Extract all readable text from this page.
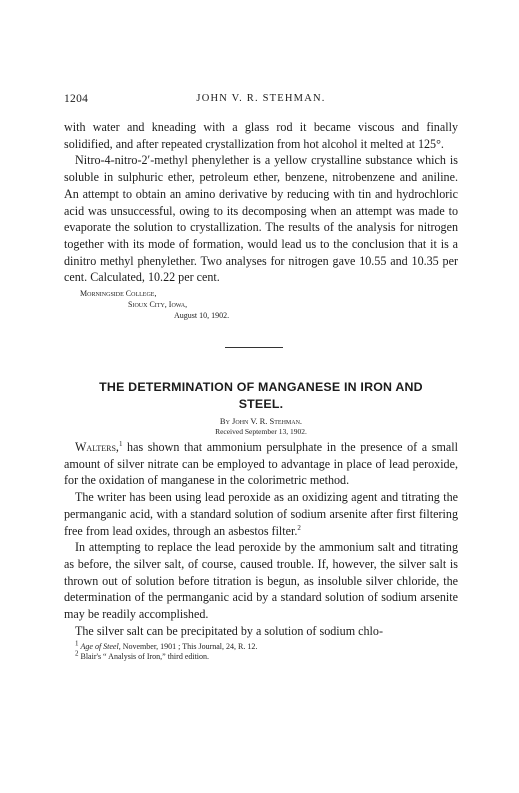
1204	JOHN V. R. STEHMAN.

with water and kneading with a glass rod it became viscous and finally solidified, and after repeated crystallization from hot alcohol it melted at 125°.

Nitro-4-nitro-2′-methyl phenylether is a yellow crystalline substance which is soluble in sulphuric ether, petroleum ether, benzene, nitrobenzene and aniline. An attempt to obtain an amino derivative by reducing with tin and hydrochloric acid was unsuccessful, owing to its decomposing when an attempt was made to evaporate the solution to crystallization. The results of the analysis for nitrogen together with its mode of formation, would lead us to the conclusion that it is a dinitro methyl phenylether. Two analyses for nitrogen gave 10.55 and 10.35 per cent. Calculated, 10.22 per cent.

Morningside College,
Sioux City, Iowa,
August 10, 1902.
THE DETERMINATION OF MANGANESE IN IRON AND
STEEL.
By John V. R. Stehman.
Received September 13, 1902.

Walters,$^1$ has shown that ammonium persulphate in the presence of a small amount of silver nitrate can be employed to advantage in place of lead peroxide, for the oxidation of manganese in the colorimetric method.

The writer has been using lead peroxide as an oxidizing agent and titrating the permanganic acid, with a standard solution of sodium arsenite after first filtering free from lead oxides, through an asbestos filter.$^2$

In attempting to replace the lead peroxide by the ammonium salt and titrating as before, the silver salt, of course, caused trouble. If, however, the silver salt is thrown out of solution before titration is begun, as insoluble silver chloride, the determination of the permanganic acid by a standard solution of sodium arsenite may be readily accomplished.

The silver salt can be precipitated by a solution of sodium chlo-

$^1$ Age of Steel, November, 1901 ; This Journal, 24, R. 12.

$^2$ Blair's “ Analysis of Iron,” third edition.
